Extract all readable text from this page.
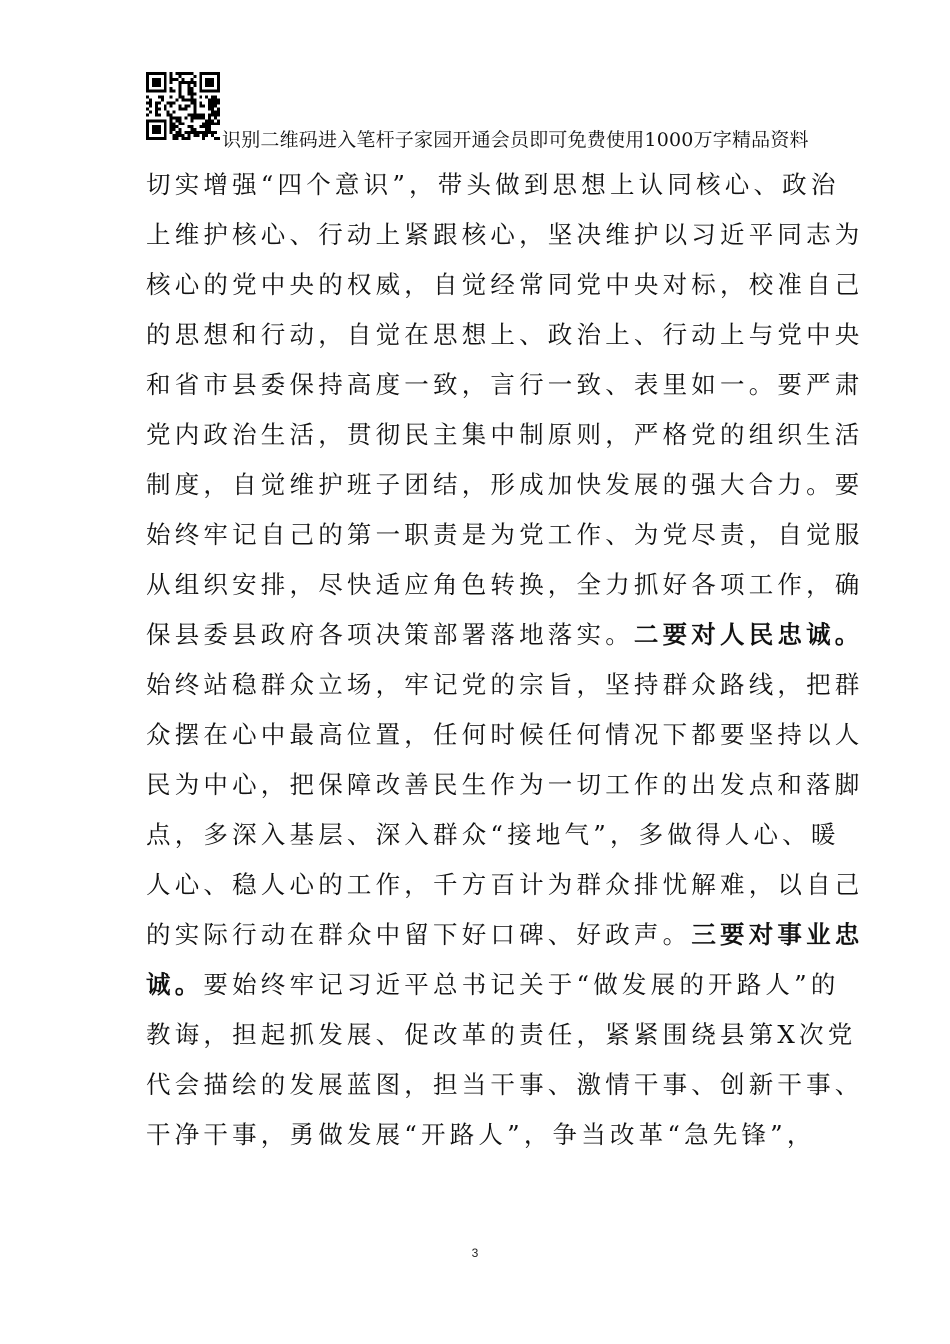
识别二维码进入笔杆子家园开通会员即可免费使用1000万字精品资料
切实增强“四个意识”，带头做到思想上认同核心、政治
上维护核心、行动上紧跟核心，坚决维护以习近平同志为
核心的党中央的权威，自觉经常同党中央对标，校准自己
的思想和行动，自觉在思想上、政治上、行动上与党中央
和省市县委保持高度一致，言行一致、表里如一。要严肃
党内政治生活，贯彻民主集中制原则，严格党的组织生活
制度，自觉维护班子团结，形成加快发展的强大合力。要
始终牢记自己的第一职责是为党工作、为党尽责，自觉服
从组织安排，尽快适应角色转换，全力抓好各项工作，确
保县委县政府各项决策部署落地落实。二要对人民忠诚。
始终站稳群众立场，牢记党的宗旨，坚持群众路线，把群
众摆在心中最高位置，任何时候任何情况下都要坚持以人
民为中心，把保障改善民生作为一切工作的出发点和落脚
点，多深入基层、深入群众“接地气”，多做得人心、暖
人心、稳人心的工作，千方百计为群众排忧解难，以自己
的实际行动在群众中留下好口碑、好政声。三要对事业忠
诚。要始终牢记习近平总书记关于“做发展的开路人”的
教诲，担起抓发展、促改革的责任，紧紧围绕县第X次党
代会描绘的发展蓝图，担当干事、激情干事、创新干事、
干净干事，勇做发展“开路人”，争当改革“急先锋”，
3
